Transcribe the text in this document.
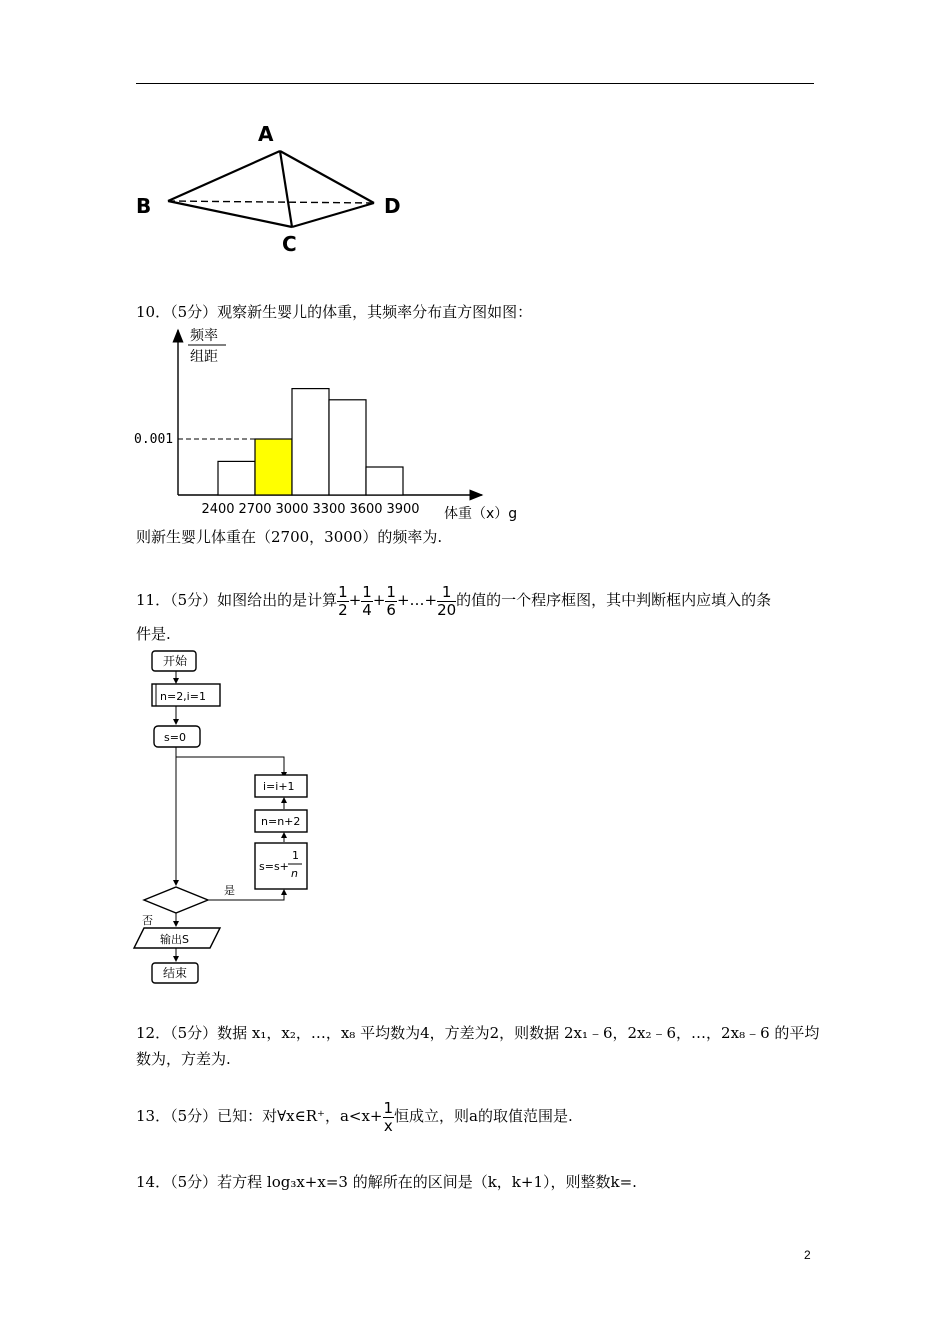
A
B
C
D
10．（5分）观察新生婴儿的体重，其频率分布直方图如图：
频率
组距
0.001
2400 2700 3000 3300 3600 3900 体重（x）g
则新生婴儿体重在（2700，3000）的频率为.
11．（5分）如图给出的是计算 $\frac{1}{2} + \frac{1}{4} + \frac{1}{6}$ +…+ $\frac{1}{20}$ 的值的一个程序框图，其中判断框内应填入的条
件是.
开始
n=2,i=1
s=0
i=i+1
n=n+2
s=s+
1
n
是
否
输出S
结束
12．（5分）数据 x₁，x₂，…，x₈ 平均数为4，方差为2，则数据 2x₁﹣6，2x₂﹣6，…，2x₈﹣6 的平均
数为，方差为.
13．（5分）已知：对∀x∈R⁺，$a<x+ \frac{1}{x}$ 恒成立，则a的取值范围是.
14．（5分）若方程 log₃x+x=3 的解所在的区间是（k，k+1），则整数k=.
2
